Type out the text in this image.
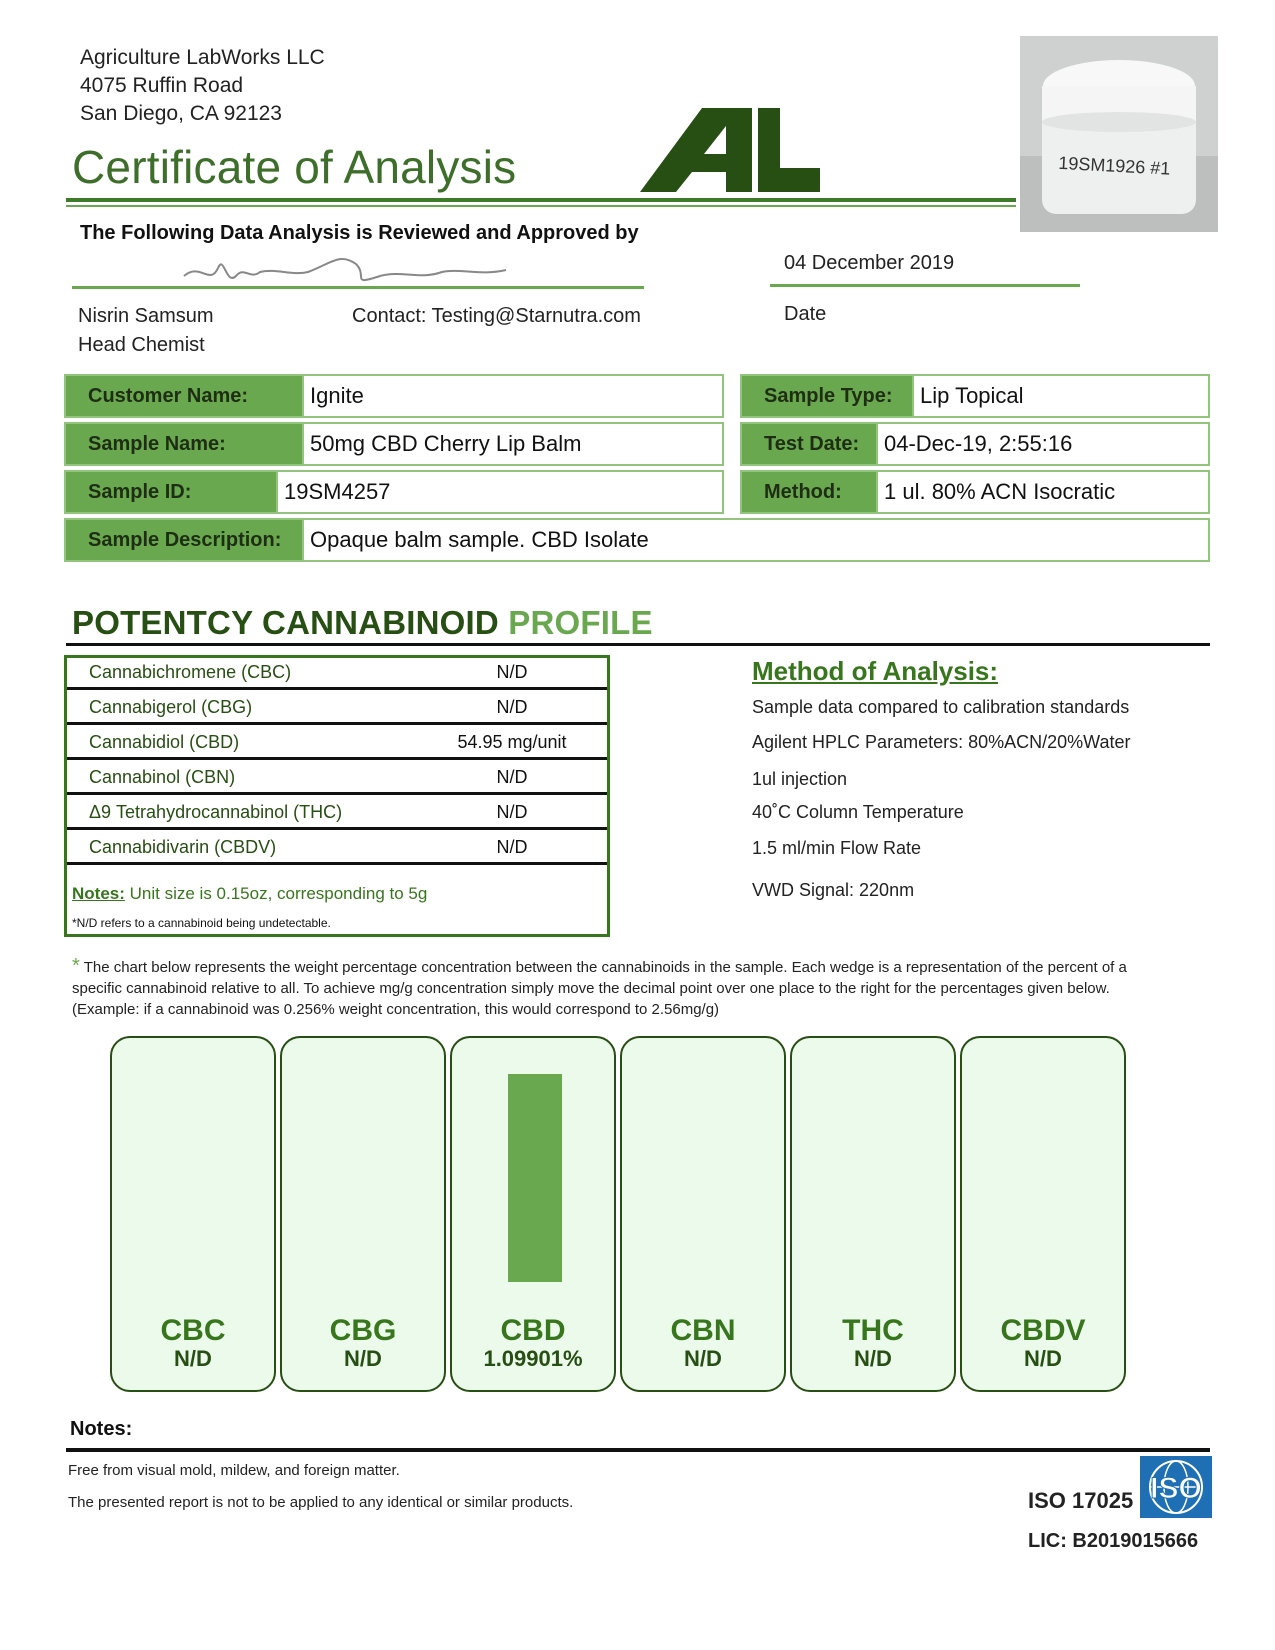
Agriculture LabWorks LLC
4075 Ruffin Road
San Diego, CA 92123
Certificate of Analysis	19SM1926 #1
The Following Data Analysis is Reviewed and Approved by
04 December 2019
Date
Nisrin Samsum
Head Chemist
Contact: Testing@Starnutra.com
Customer Name:	Ignite	Sample Type:	Lip Topical
Sample Name:	50mg CBD Cherry Lip Balm	Test Date:	04-Dec-19, 2:55:16
Sample ID:	19SM4257	Method:	1 ul. 80% ACN Isocratic
Sample Description:	Opaque balm sample. CBD Isolate
POTENTCY CANNABINOID PROFILE
Cannabichromene (CBC)	N/D
Cannabigerol (CBG)	N/D
Cannabidiol (CBD)	54.95 mg/unit
Cannabinol (CBN)	N/D
Δ9 Tetrahydrocannabinol (THC)	N/D
Cannabidivarin (CBDV)	N/D
Notes: Unit size is 0.15oz, corresponding to 5g
*N/D refers to a cannabinoid being undetectable.
Method of Analysis:
Sample data compared to calibration standards
Agilent HPLC Parameters: 80%ACN/20%Water
1ul injection
40˚C Column Temperature
1.5 ml/min Flow Rate
VWD Signal: 220nm
* The chart below represents the weight percentage concentration between the cannabinoids in the sample. Each wedge is a representation of the percent of a specific cannabinoid relative to all. To achieve mg/g concentration simply move the decimal point over one place to the right for the percentages given below. (Example: if a cannabinoid was 0.256% weight concentration, this would correspond to 2.56mg/g)
CBC
N/D
CBG
N/D
CBD
1.09901%
CBN
N/D
THC
N/D
CBDV
N/D
Notes:
Free from visual mold, mildew, and foreign matter.
The presented report is not to be applied to any identical or similar products.	ISO 17025 ISO
LIC: B2019015666
